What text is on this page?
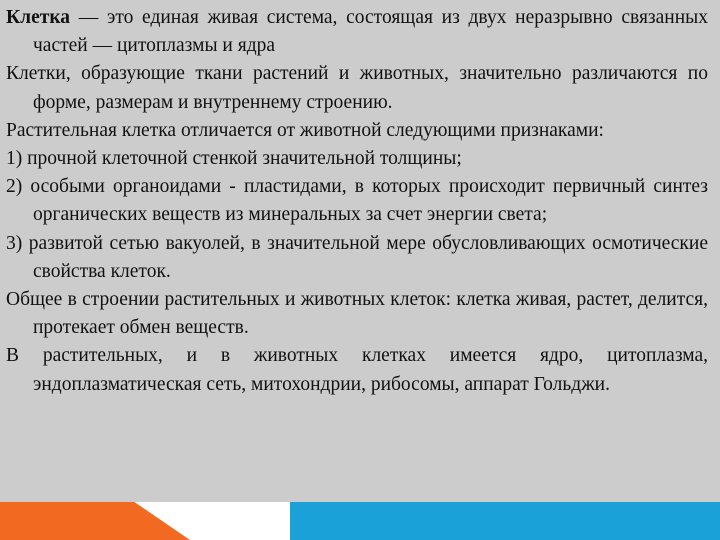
Клетка — это единая живая система, состоящая из двух неразрывно связанных частей — цитоплазмы и ядра

Клетки, образующие ткани растений и животных, значительно различаются по форме, размерам и внутреннему строению.

Растительная клетка отличается от животной следующими признаками:

1) прочной клеточной стенкой значительной толщины;

2) особыми органоидами - пластидами, в которых происходит первичный синтез органических веществ из минеральных за счет энергии света;

3) развитой сетью вакуолей, в значительной мере обусловливающих осмотические свойства клеток.

Общее в строении растительных и животных клеток: клетка живая, растет, делится, протекает обмен веществ.

В растительных, и в животных клетках имеется ядро, цитоплазма, эндоплазматическая сеть, митохондрии, рибосомы, аппарат Гольджи.
